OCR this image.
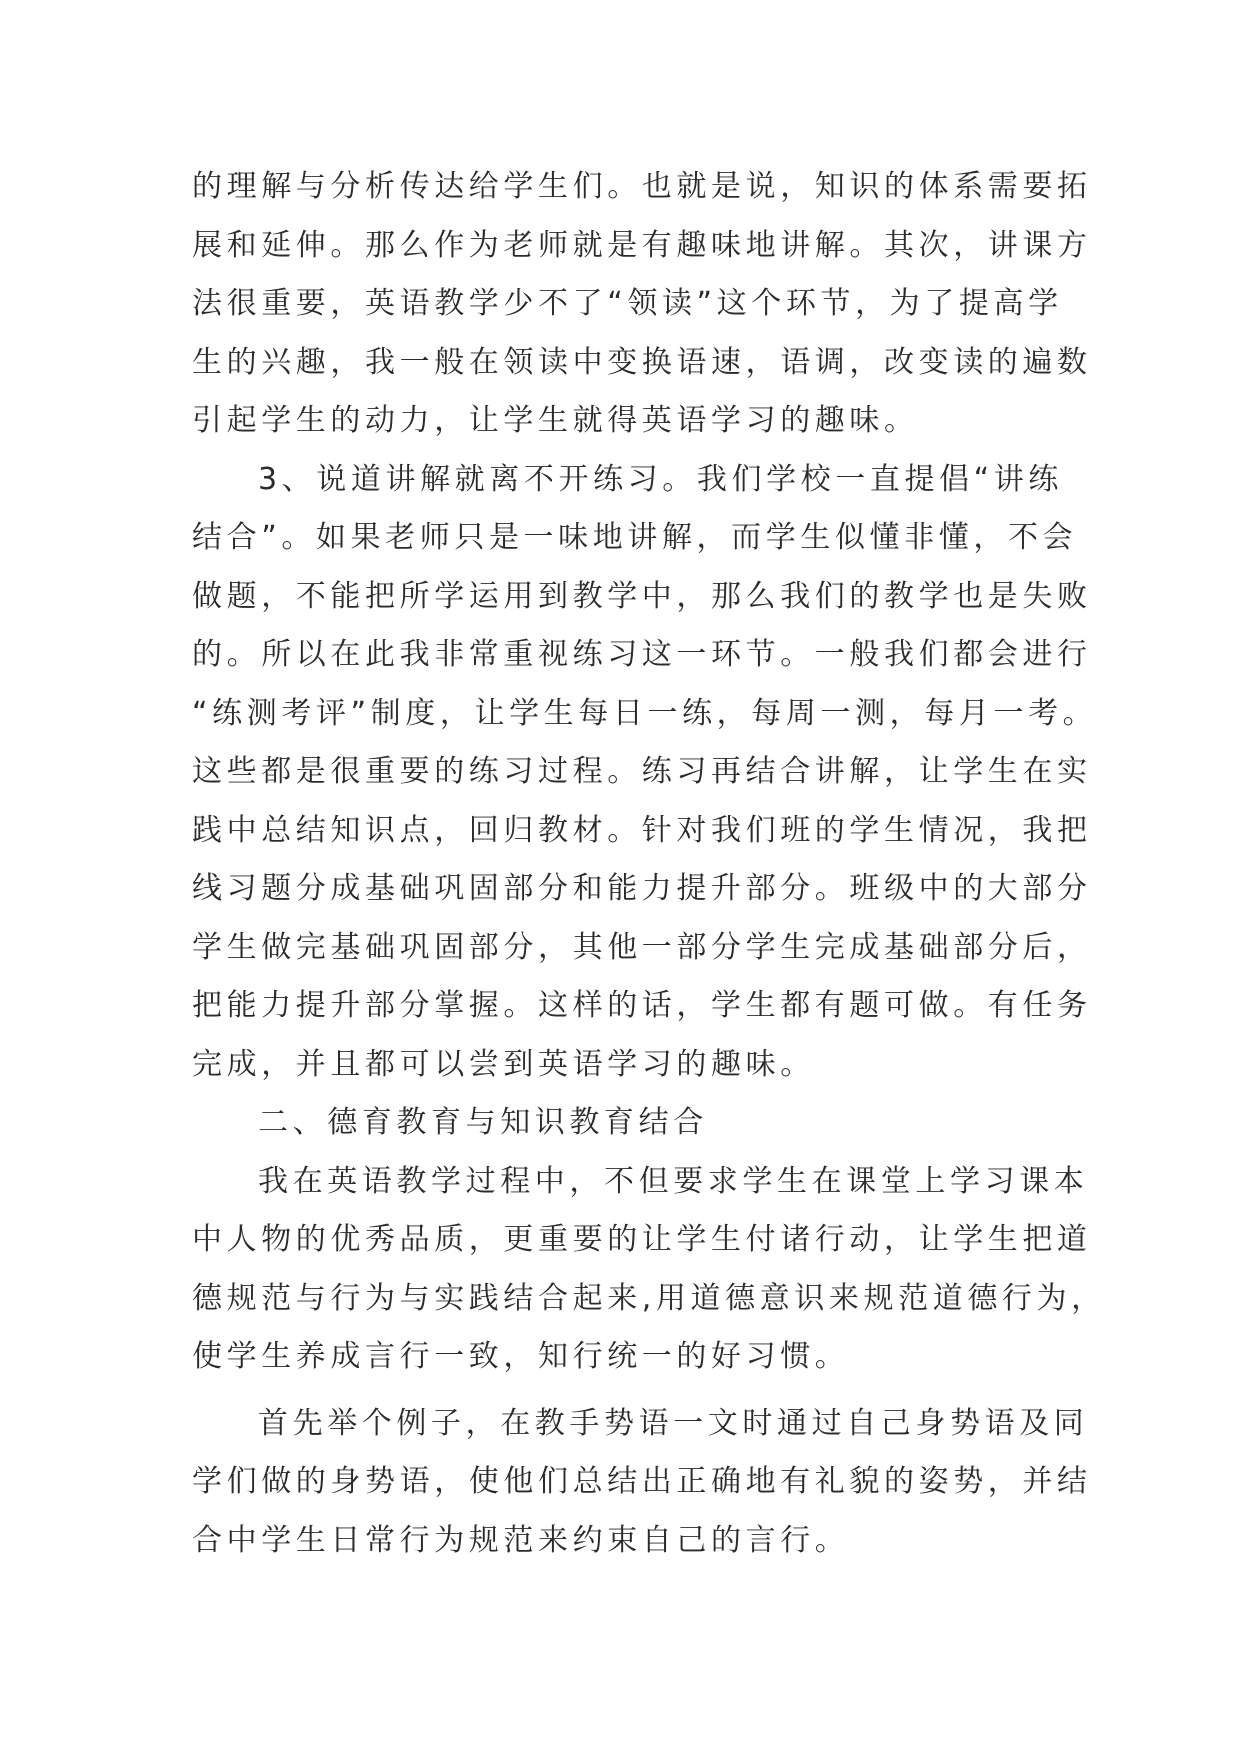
的理解与分析传达给学生们。也就是说，知识的体系需要拓
展和延伸。那么作为老师就是有趣味地讲解。其次，讲课方
法很重要，英语教学少不了“领读”这个环节，为了提高学
生的兴趣，我一般在领读中变换语速，语调，改变读的遍数
引起学生的动力，让学生就得英语学习的趣味。
3、说道讲解就离不开练习。我们学校一直提倡“讲练
结合”。如果老师只是一味地讲解，而学生似懂非懂，不会
做题，不能把所学运用到教学中，那么我们的教学也是失败
的。所以在此我非常重视练习这一环节。一般我们都会进行
“练测考评”制度，让学生每日一练，每周一测，每月一考。
这些都是很重要的练习过程。练习再结合讲解，让学生在实
践中总结知识点，回归教材。针对我们班的学生情况，我把
线习题分成基础巩固部分和能力提升部分。班级中的大部分
学生做完基础巩固部分，其他一部分学生完成基础部分后，
把能力提升部分掌握。这样的话，学生都有题可做。有任务
完成，并且都可以尝到英语学习的趣味。
二、德育教育与知识教育结合
我在英语教学过程中，不但要求学生在课堂上学习课本
中人物的优秀品质，更重要的让学生付诸行动，让学生把道
德规范与行为与实践结合起来,用道德意识来规范道德行为，
使学生养成言行一致，知行统一的好习惯。
首先举个例子，在教手势语一文时通过自己身势语及同
学们做的身势语，使他们总结出正确地有礼貌的姿势，并结
合中学生日常行为规范来约束自己的言行。
